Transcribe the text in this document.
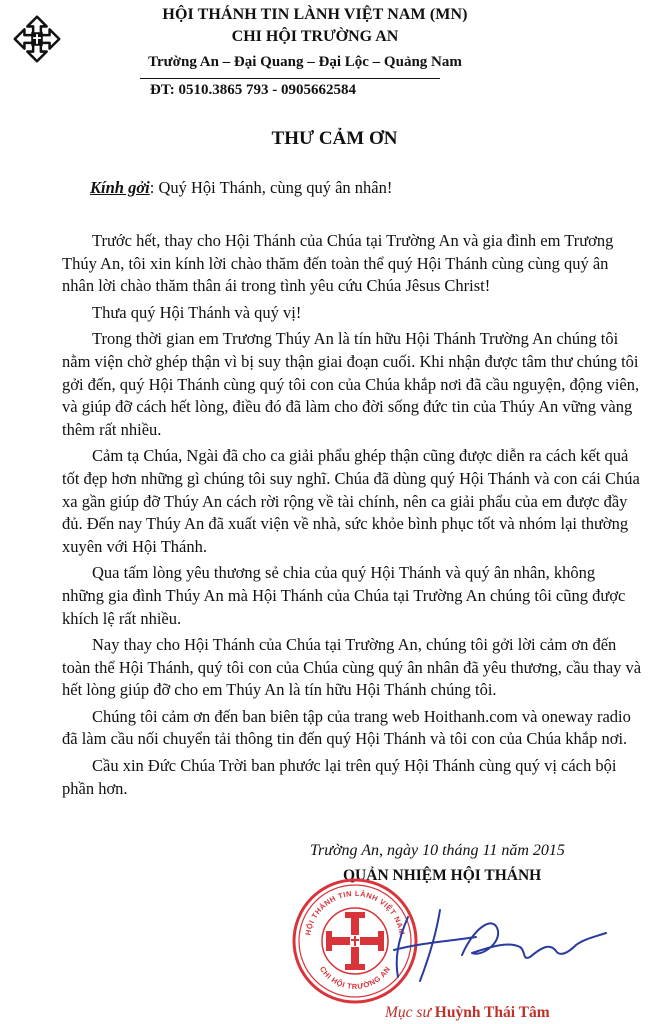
HỘI THÁNH TIN LÀNH VIỆT NAM (MN)
CHI HỘI TRƯỜNG AN
Trường An – Đại Quang – Đại Lộc – Quảng Nam
ĐT: 0510.3865 793 - 0905662584
THƯ CẢM ƠN
Kính gởi: Quý Hội Thánh, cùng quý ân nhân!
Trước hết, thay cho Hội Thánh của Chúa tại Trường An và gia đình em Trương
Thúy An, tôi xin kính lời chào thăm đến toàn thể quý Hội Thánh cùng cùng quý ân
nhân lời chào thăm thân ái trong tình yêu cứu Chúa Jêsus Christ!
Thưa quý Hội Thánh và quý vị!
Trong thời gian em Trương Thúy An là tín hữu Hội Thánh Trường An chúng tôi
nằm viện chờ ghép thận vì bị suy thận giai đoạn cuối. Khi nhận được tâm thư chúng tôi
gởi đến, quý Hội Thánh cùng quý tôi con của Chúa khắp nơi đã cầu nguyện, động viên,
và giúp đỡ cách hết lòng, điều đó đã làm cho đời sống đức tin của Thúy An vững vàng
thêm rất nhiều.
Cảm tạ Chúa, Ngài đã cho ca giải phẩu ghép thận cũng được diễn ra cách kết quả
tốt đẹp hơn những gì chúng tôi suy nghĩ. Chúa đã dùng quý Hội Thánh và con cái Chúa
xa gần giúp đỡ Thúy An cách rời rộng về tài chính, nên ca giải phẩu của em được đầy
đủ. Đến nay Thúy An đã xuất viện về nhà, sức khỏe bình phục tốt và nhóm lại thường
xuyên với Hội Thánh.
Qua tấm lòng yêu thương sẻ chia của quý Hội Thánh và quý ân nhân, không
những gia đình Thúy An mà Hội Thánh của Chúa tại Trường An chúng tôi cũng được
khích lệ rất nhiều.
Nay thay cho Hội Thánh của Chúa tại Trường An, chúng tôi gởi lời cảm ơn đến
toàn thể Hội Thánh, quý tôi con của Chúa cùng quý ân nhân đã yêu thương, cầu thay và
hết lòng giúp đỡ cho em Thúy An là tín hữu Hội Thánh chúng tôi.
Chúng tôi cảm ơn đến ban biên tập của trang web Hoithanh.com và oneway radio
đã làm cầu nối chuyển tải thông tin đến quý Hội Thánh và tôi con của Chúa khắp nơi.
Cầu xin Đức Chúa Trời ban phước lại trên quý Hội Thánh cùng quý vị cách bội
phần hơn.
Trường An, ngày 10 tháng 11 năm 2015
QUẢN NHIỆM HỘI THÁNH
HỘI THÁNH TIN LÀNH VIỆT NAM
CHI HỘI TRƯỜNG AN
Mục sư Huỳnh Thái Tâm
